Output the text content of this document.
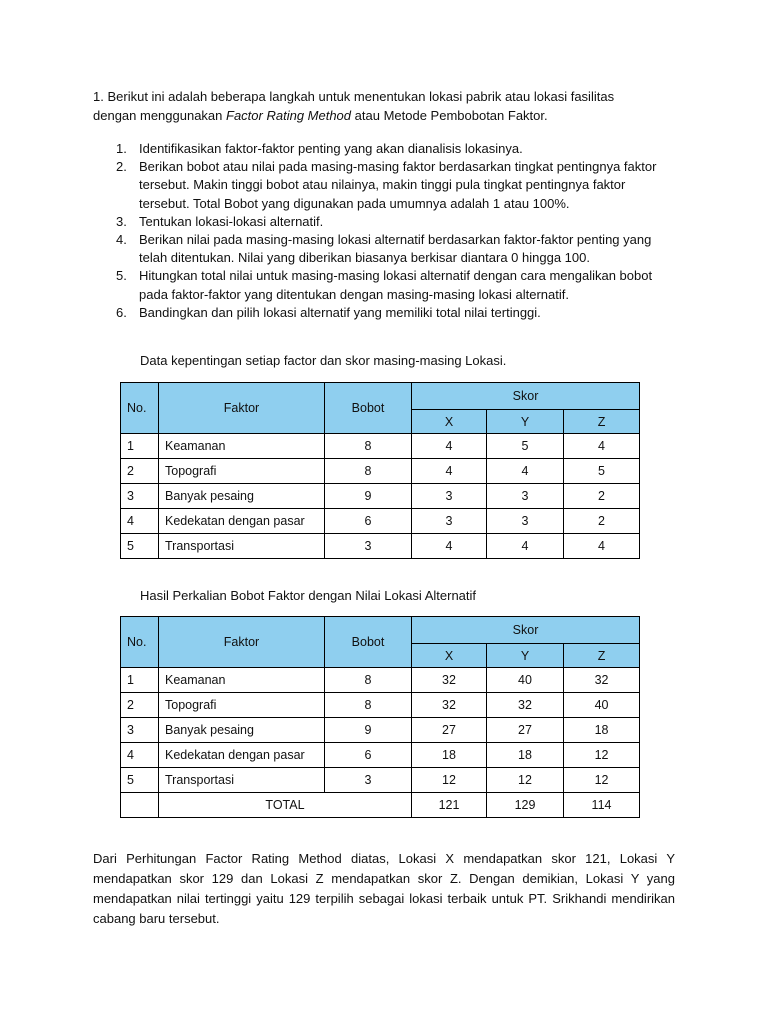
1. Berikut ini adalah beberapa langkah untuk menentukan lokasi pabrik atau lokasi fasilitas
dengan menggunakan Factor Rating Method atau Metode Pembobotan Faktor.
1. Identifikasikan faktor-faktor penting yang akan dianalisis lokasinya.
2. Berikan bobot atau nilai pada masing-masing faktor berdasarkan tingkat pentingnya faktor tersebut. Makin tinggi bobot atau nilainya, makin tinggi pula tingkat pentingnya faktor tersebut. Total Bobot yang digunakan pada umumnya adalah 1 atau 100%.
3. Tentukan lokasi-lokasi alternatif.
4. Berikan nilai pada masing-masing lokasi alternatif berdasarkan faktor-faktor penting yang telah ditentukan. Nilai yang diberikan biasanya berkisar diantara 0 hingga 100.
5. Hitungkan total nilai untuk masing-masing lokasi alternatif dengan cara mengalikan bobot pada faktor-faktor yang ditentukan dengan masing-masing lokasi alternatif.
6. Bandingkan dan pilih lokasi alternatif yang memiliki total nilai tertinggi.
Data kepentingan setiap factor dan skor masing-masing Lokasi.
No.	Faktor	Bobot	Skor		
			X	Y	Z
1	Keamanan	8	4	5	4
2	Topografi	8	4	4	5
3	Banyak pesaing	9	3	3	2
4	Kedekatan dengan pasar	6	3	3	2
5	Transportasi	3	4	4	4
Hasil Perkalian Bobot Faktor dengan Nilai Lokasi Alternatif
No.	Faktor	Bobot	Skor		
			X	Y	Z
1	Keamanan	8	32	40	32
2	Topografi	8	32	32	40
3	Banyak pesaing	9	27	27	18
4	Kedekatan dengan pasar	6	18	18	12
5	Transportasi	3	12	12	12
	TOTAL		121	129	114
Dari Perhitungan Factor Rating Method diatas, Lokasi X mendapatkan skor 121, Lokasi Y mendapatkan skor 129 dan Lokasi Z mendapatkan skor Z. Dengan demikian, Lokasi Y yang mendapatkan nilai tertinggi yaitu 129 terpilih sebagai lokasi terbaik untuk PT. Srikhandi mendirikan cabang baru tersebut.
